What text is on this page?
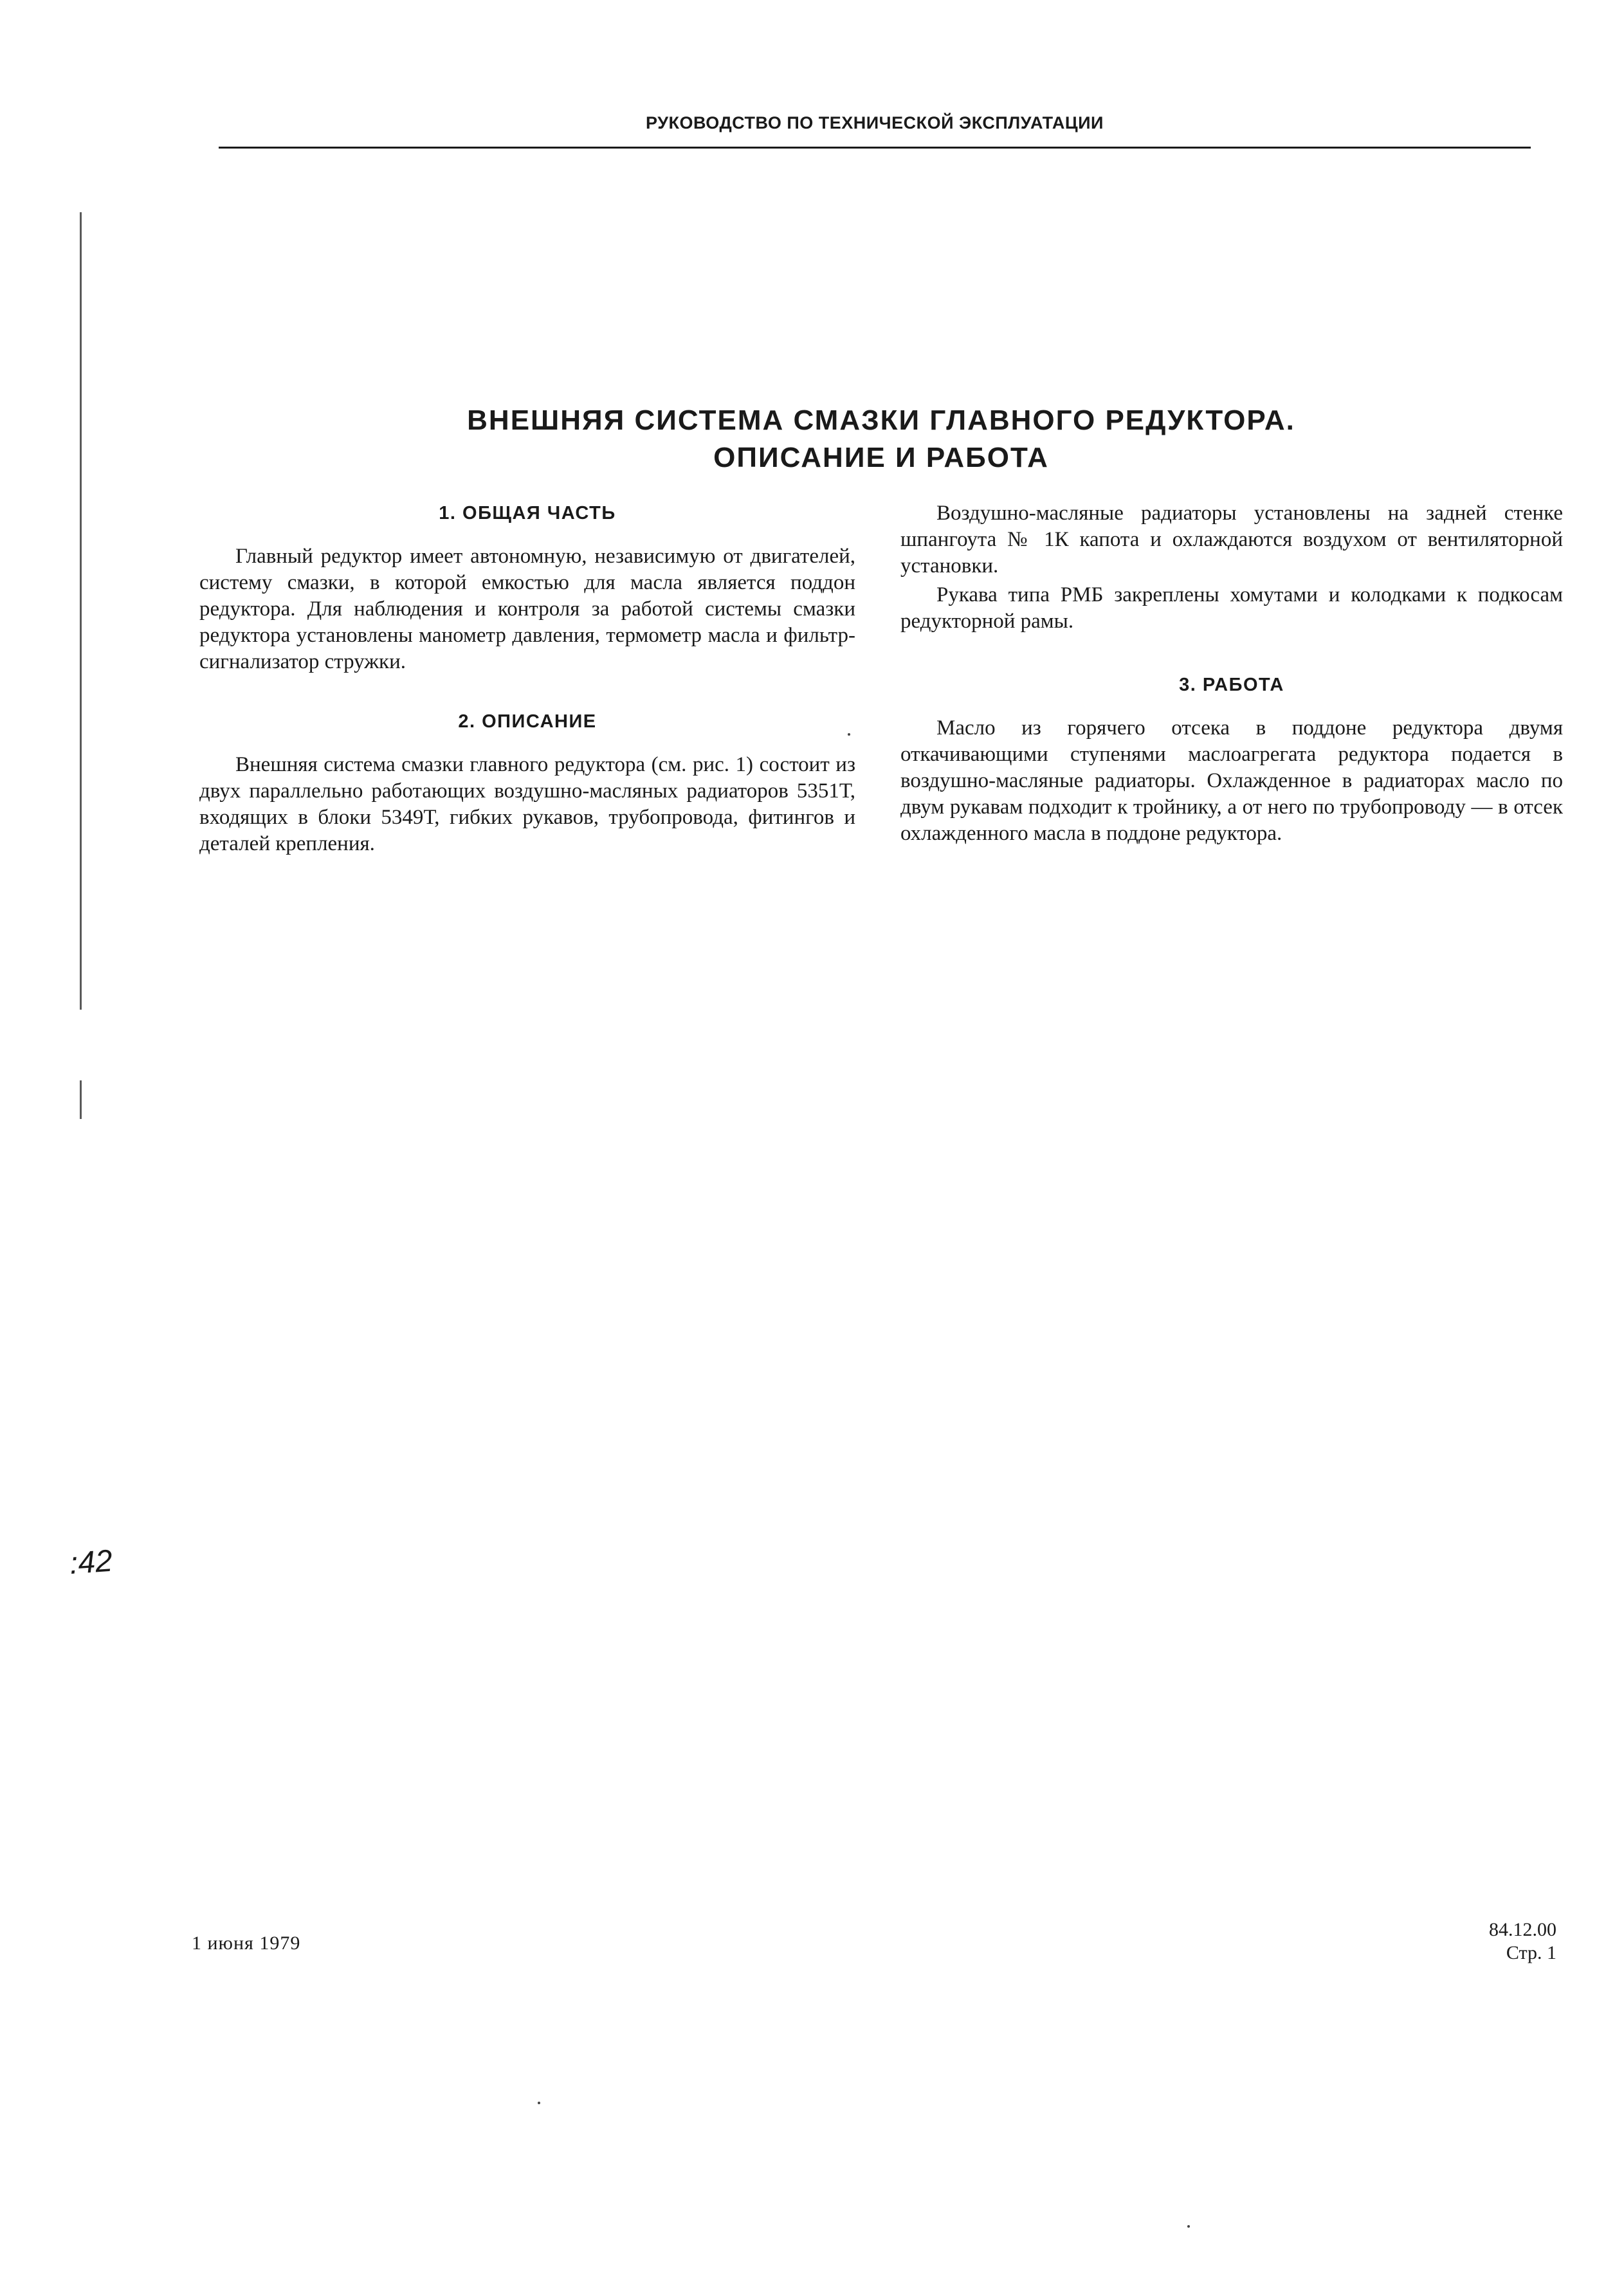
РУКОВОДСТВО ПО ТЕХНИЧЕСКОЙ ЭКСПЛУАТАЦИИ
ВНЕШНЯЯ СИСТЕМА СМАЗКИ ГЛАВНОГО РЕДУКТОРА.
ОПИСАНИЕ И РАБОТА
1. ОБЩАЯ ЧАСТЬ

Главный редуктор имеет автономную, независимую от двигателей, систему смазки, в которой емкостью для масла является поддон редуктора. Для наблюдения и контроля за работой системы смазки редуктора установлены манометр давления, термометр масла и фильтр-сигнализатор стружки.

2. ОПИСАНИЕ

Внешняя система смазки главного редуктора (см. рис. 1) состоит из двух параллельно работающих воздушно-масляных радиаторов 5351Т, входящих в блоки 5349Т, гибких рукавов, трубопровода, фитингов и деталей крепления.

Воздушно-масляные радиаторы установлены на задней стенке шпангоута № 1К капота и охлаждаются воздухом от вентиляторной установки.

Рукава типа РМБ закреплены хомутами и колодками к подкосам редукторной рамы.

3. РАБОТА

Масло из горячего отсека в поддоне редуктора двумя откачивающими ступенями маслоагрегата редуктора подается в воздушно-масляные радиаторы. Охлажденное в радиаторах масло по двум рукавам подходит к тройнику, а от него по трубопроводу — в отсек охлажденного масла в поддоне редуктора.

:42
1 июня 1979
84.12.00
Стр. 1
